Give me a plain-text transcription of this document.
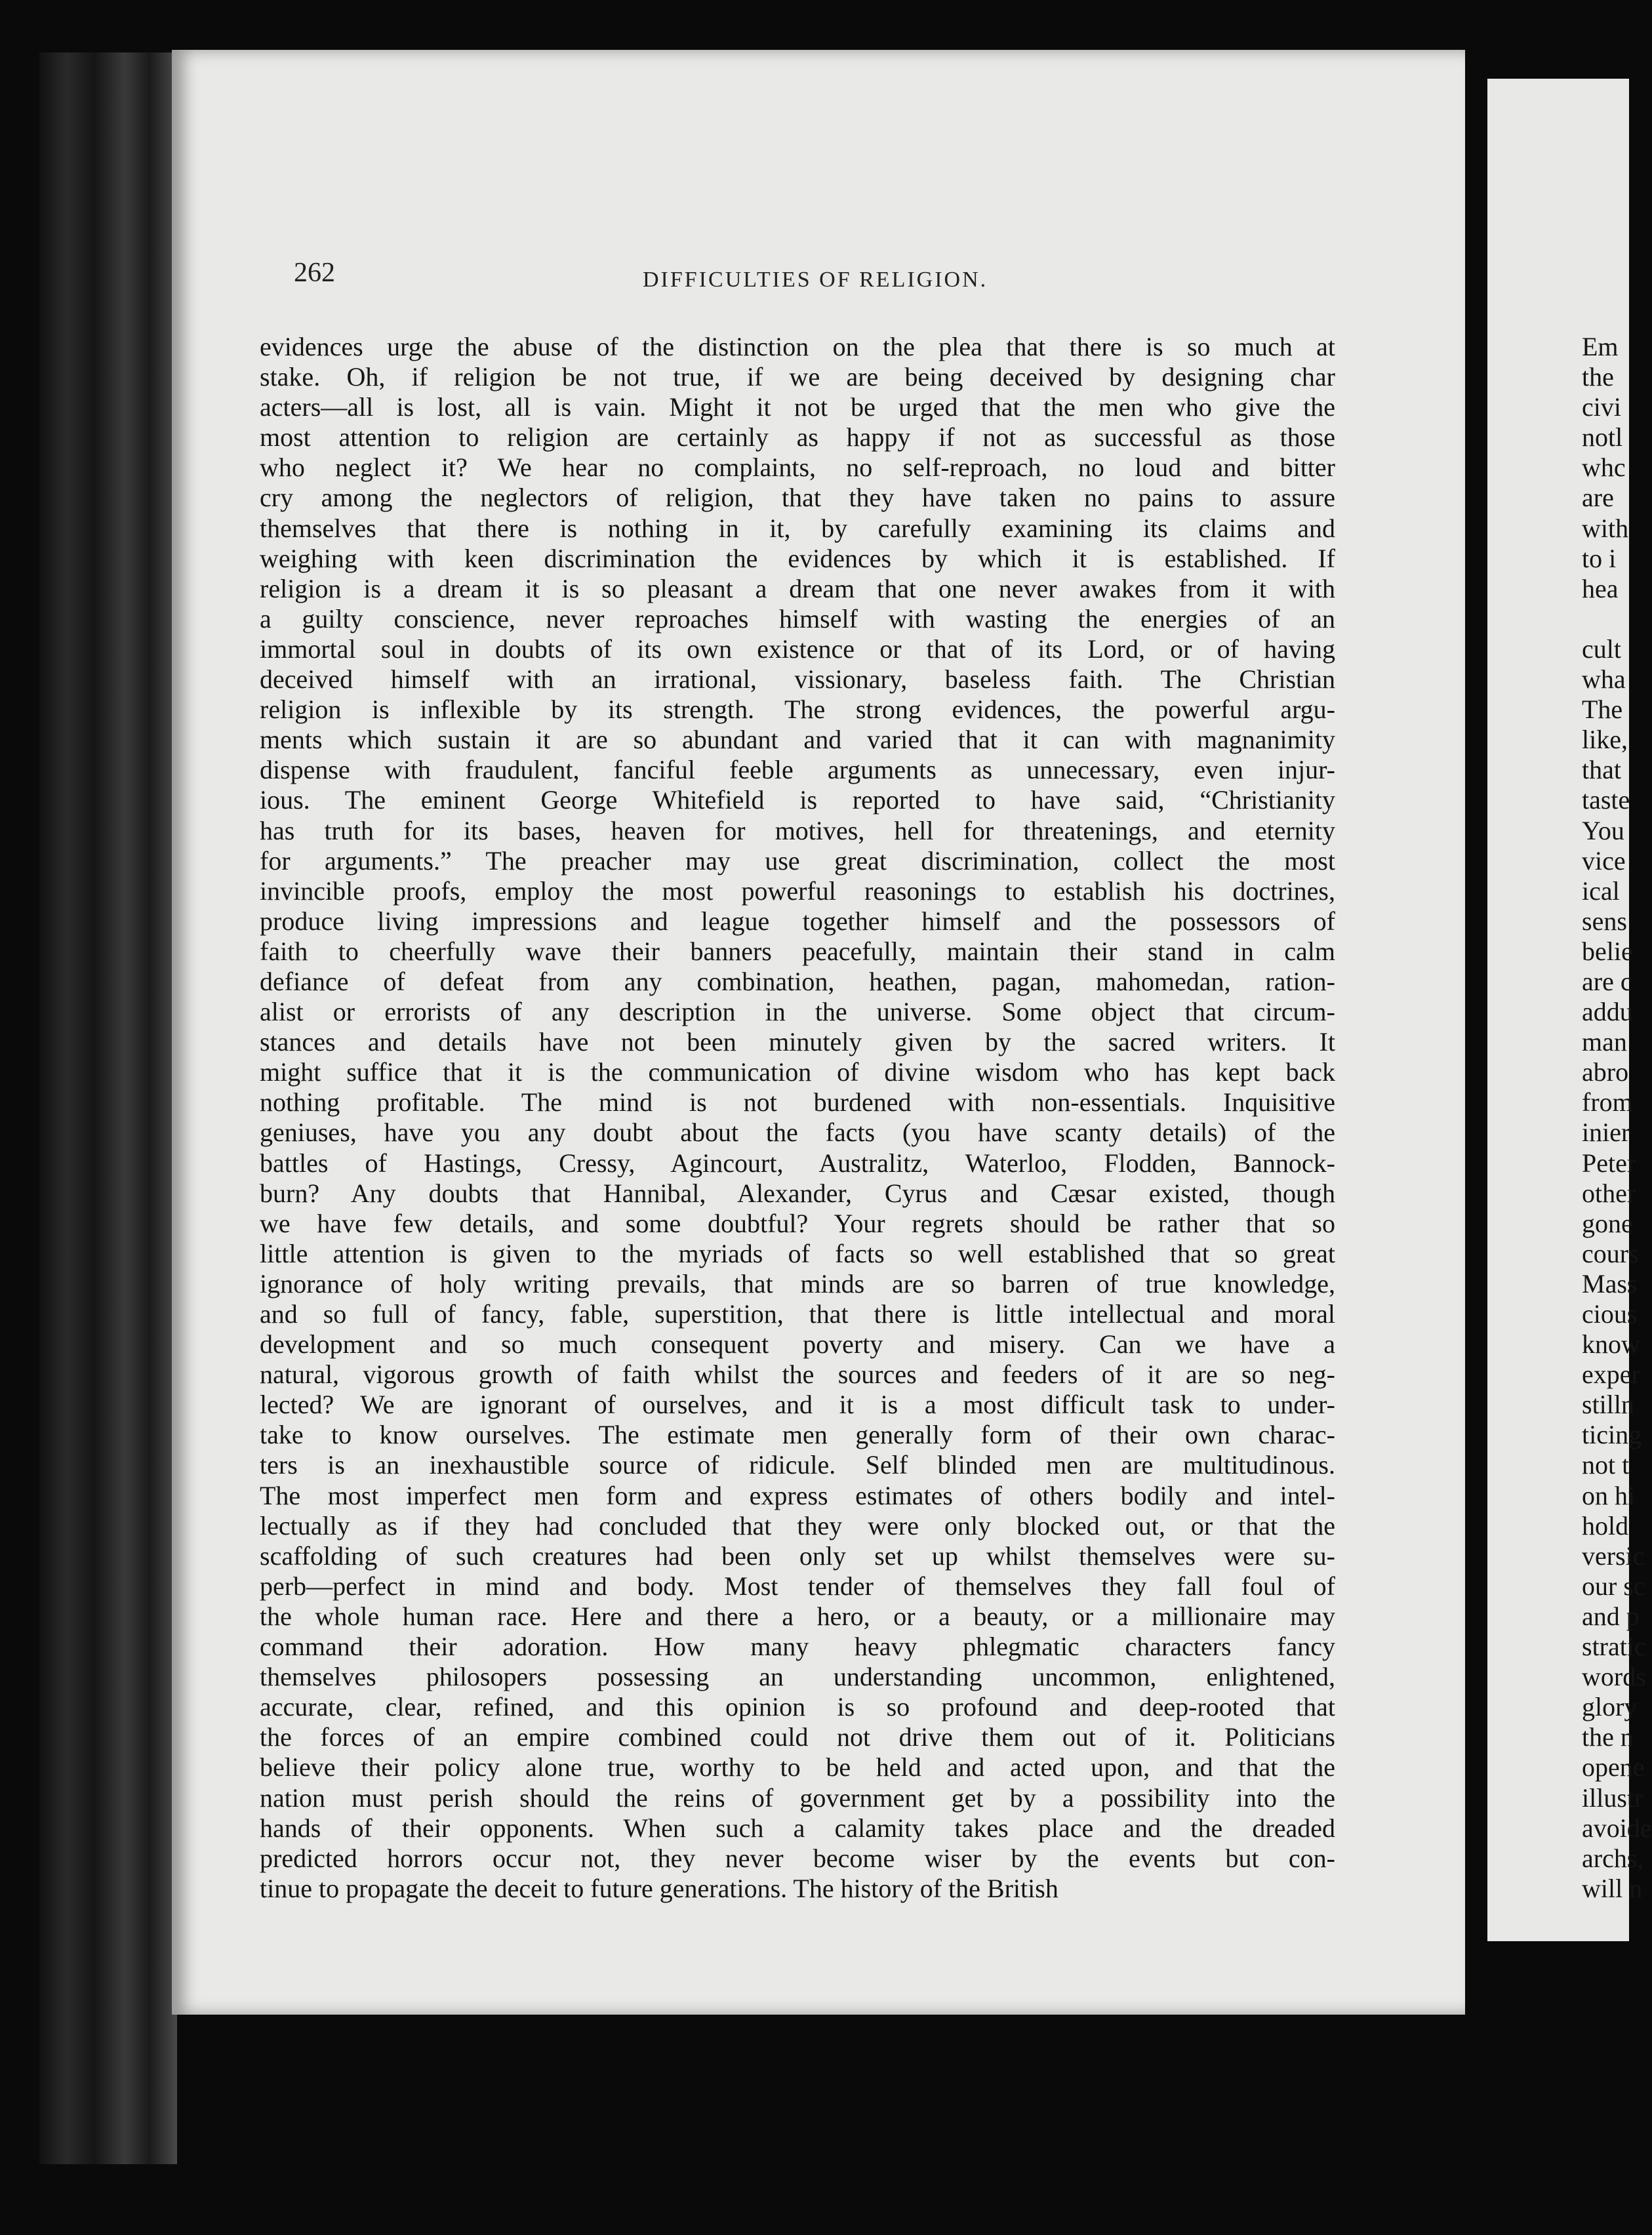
262	DIFFICULTIES OF RELIGION.
evidences urge the abuse of the distinction on the plea that there is so much at
stake. Oh, if religion be not true, if we are being deceived by designing char
acters—all is lost, all is vain. Might it not be urged that the men who give the
most attention to religion are certainly as happy if not as successful as those
who neglect it? We hear no complaints, no self-reproach, no loud and bitter
cry among the neglectors of religion, that they have taken no pains to assure
themselves that there is nothing in it, by carefully examining its claims and
weighing with keen discrimination the evidences by which it is established. If
religion is a dream it is so pleasant a dream that one never awakes from it with
a guilty conscience, never reproaches himself with wasting the energies of an
immortal soul in doubts of its own existence or that of its Lord, or of having
deceived himself with an irrational, vissionary, baseless faith. The Christian
religion is inflexible by its strength. The strong evidences, the powerful argu-
ments which sustain it are so abundant and varied that it can with magnanimity
dispense with fraudulent, fanciful feeble arguments as unnecessary, even injur-
ious. The eminent George Whitefield is reported to have said, “Christianity
has truth for its bases, heaven for motives, hell for threatenings, and eternity
for arguments.” The preacher may use great discrimination, collect the most
invincible proofs, employ the most powerful reasonings to establish his doctrines,
produce living impressions and league together himself and the possessors of
faith to cheerfully wave their banners peacefully, maintain their stand in calm
defiance of defeat from any combination, heathen, pagan, mahomedan, ration-
alist or errorists of any description in the universe. Some object that circum-
stances and details have not been minutely given by the sacred writers. It
might suffice that it is the communication of divine wisdom who has kept back
nothing profitable. The mind is not burdened with non-essentials. Inquisitive
geniuses, have you any doubt about the facts (you have scanty details) of the
battles of Hastings, Cressy, Agincourt, Australitz, Waterloo, Flodden, Bannock-
burn? Any doubts that Hannibal, Alexander, Cyrus and Cæsar existed, though
we have few details, and some doubtful? Your regrets should be rather that so
little attention is given to the myriads of facts so well established that so great
ignorance of holy writing prevails, that minds are so barren of true knowledge,
and so full of fancy, fable, superstition, that there is little intellectual and moral
development and so much consequent poverty and misery. Can we have a
natural, vigorous growth of faith whilst the sources and feeders of it are so neg-
lected? We are ignorant of ourselves, and it is a most difficult task to under-
take to know ourselves. The estimate men generally form of their own charac-
ters is an inexhaustible source of ridicule. Self blinded men are multitudinous.
The most imperfect men form and express estimates of others bodily and intel-
lectually as if they had concluded that they were only blocked out, or that the
scaffolding of such creatures had been only set up whilst themselves were su-
perb—perfect in mind and body. Most tender of themselves they fall foul of
the whole human race. Here and there a hero, or a beauty, or a millionaire may
command their adoration. How many heavy phlegmatic characters fancy
themselves philosopers possessing an understanding uncommon, enlightened,
accurate, clear, refined, and this opinion is so profound and deep-rooted that
the forces of an empire combined could not drive them out of it. Politicians
believe their policy alone true, worthy to be held and acted upon, and that the
nation must perish should the reins of government get by a possibility into the
hands of their opponents. When such a calamity takes place and the dreaded
predicted horrors occur not, they never become wiser by the events but con-
tinue to propagate the deceit to future generations. The history of the British
Em
the
civi
notl
whc
are
with
to i
hea
cult
wha
The
like,
that
taste
You
vice
ical
sens
belie
are c
addu
man
abro
from
inier
Peter
other
gone
cours
Mass
cious
know
exper
stilln
ticing
not t
on hi
hold
versic
our sc
and p
stratic
words
glory
the n
opene
illustr
avoide
archs,
will n
